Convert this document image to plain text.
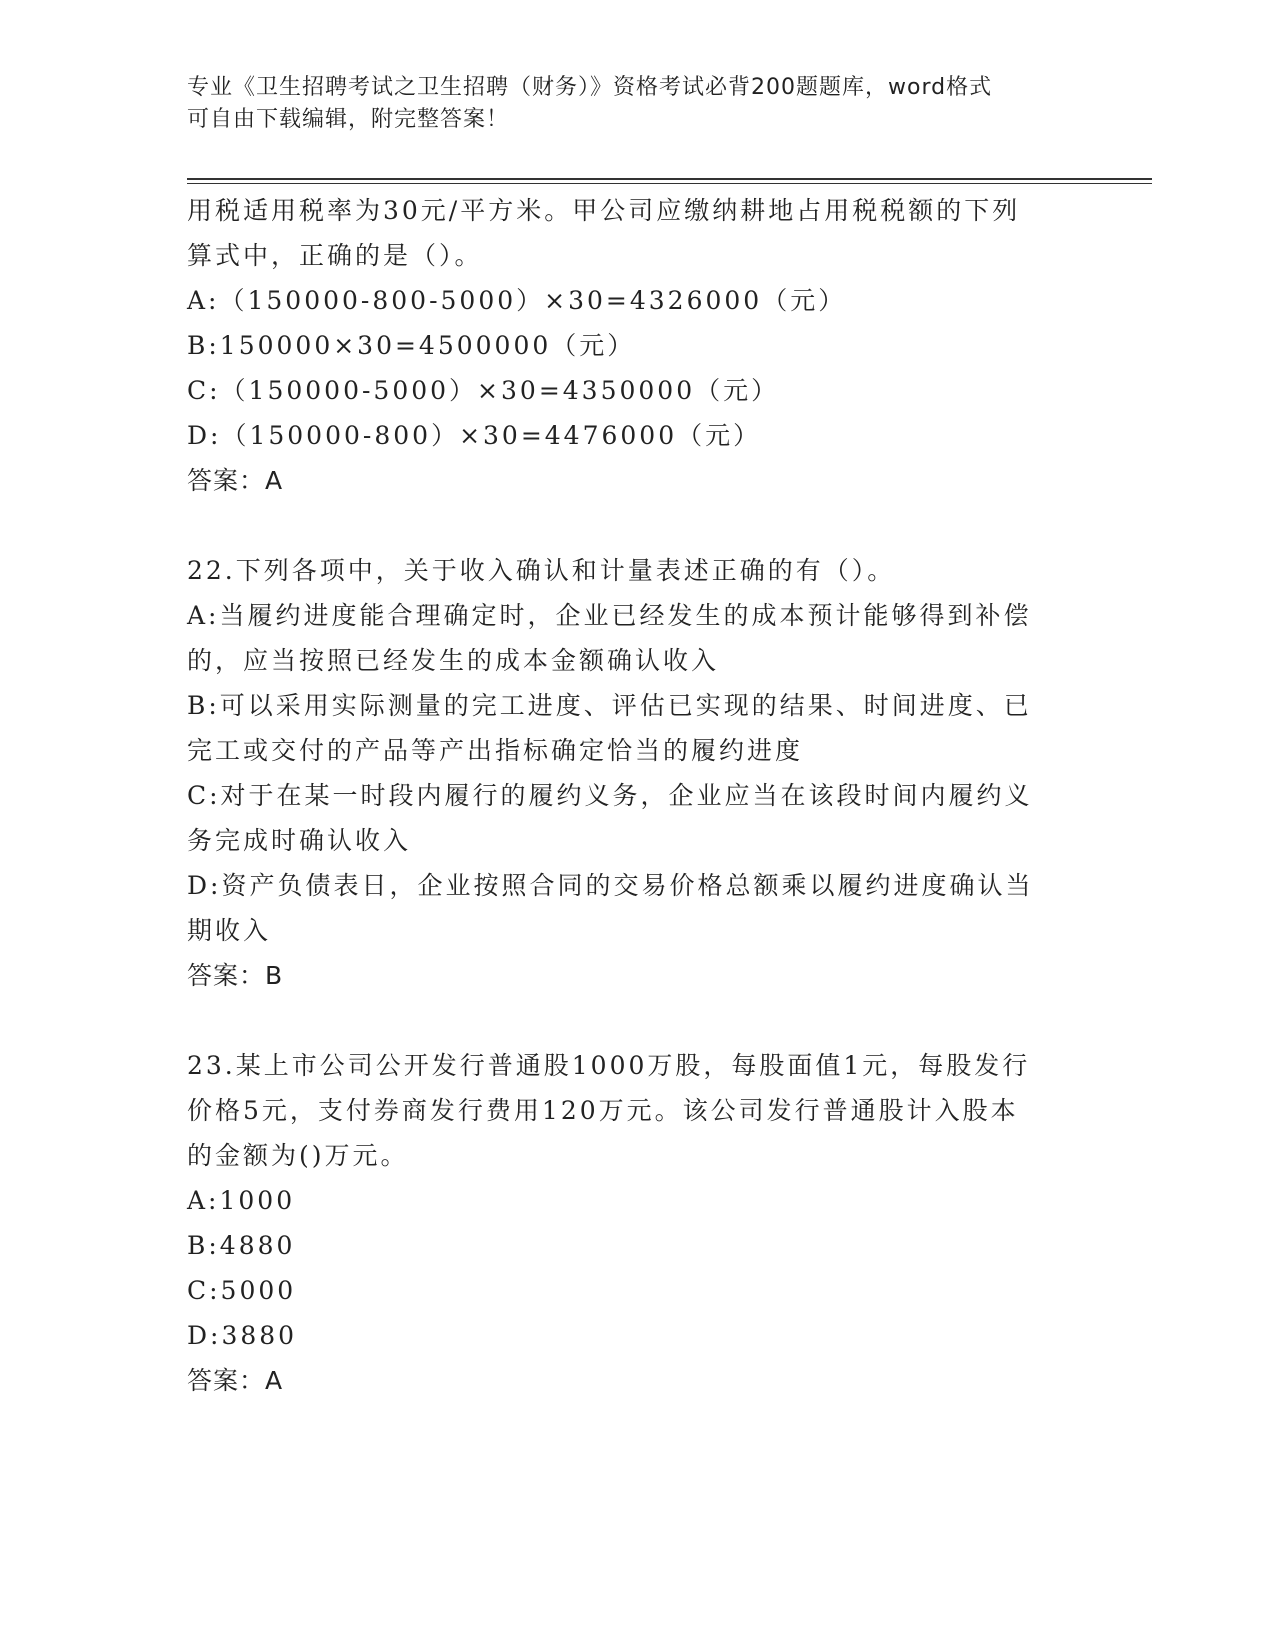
专业《卫生招聘考试之卫生招聘（财务）》资格考试必背200题题库，word格式
可自由下载编辑，附完整答案！

用税适用税率为30元/平方米。甲公司应缴纳耕地占用税税额的下列

算式中，正确的是（）。

A:（150000-800-5000）×30=4326000（元）

B:150000×30=4500000（元）

C:（150000-5000）×30=4350000（元）

D:（150000-800）×30=4476000（元）

答案：A

22.下列各项中，关于收入确认和计量表述正确的有（）。

A:当履约进度能合理确定时，企业已经发生的成本预计能够得到补偿

的，应当按照已经发生的成本金额确认收入

B:可以采用实际测量的完工进度、评估已实现的结果、时间进度、已

完工或交付的产品等产出指标确定恰当的履约进度

C:对于在某一时段内履行的履约义务，企业应当在该段时间内履约义

务完成时确认收入

D:资产负债表日，企业按照合同的交易价格总额乘以履约进度确认当

期收入

答案：B

23.某上市公司公开发行普通股1000万股，每股面值1元，每股发行

价格5元，支付券商发行费用120万元。该公司发行普通股计入股本

的金额为()万元。

A:1000

B:4880

C:5000

D:3880

答案：A
